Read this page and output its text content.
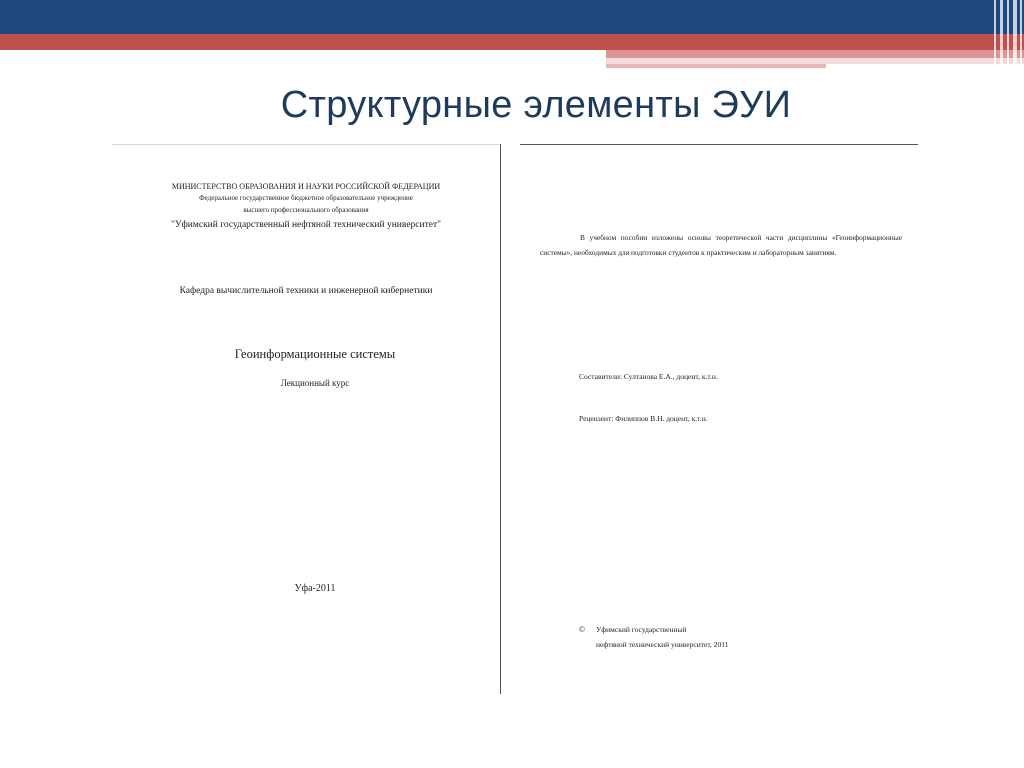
Структурные элементы ЭУИ
МИНИСТЕРСТВО ОБРАЗОВАНИЯ И НАУКИ РОССИЙСКОЙ ФЕДЕРАЦИИ
Федеральное государственное бюджетное образовательное учреждение
высшего профессионального образования
"Уфимский государственный нефтяной технический университет"
Кафедра вычислительной техники и инженерной кибернетики
Геоинформационные системы
Лекционный курс
Уфа-2011
В учебном пособии изложены основы теоретической части дисциплины «Геоинформационные системы», необходимых для подготовки студентов к практическим и лабораторным занятиям.
Составители: Султанова Е.А., доцент, к.т.н.
Рецензент: Филиппов В.Н. доцент, к.т.н.
© Уфимский государственный
нефтяной технический университет, 2011
